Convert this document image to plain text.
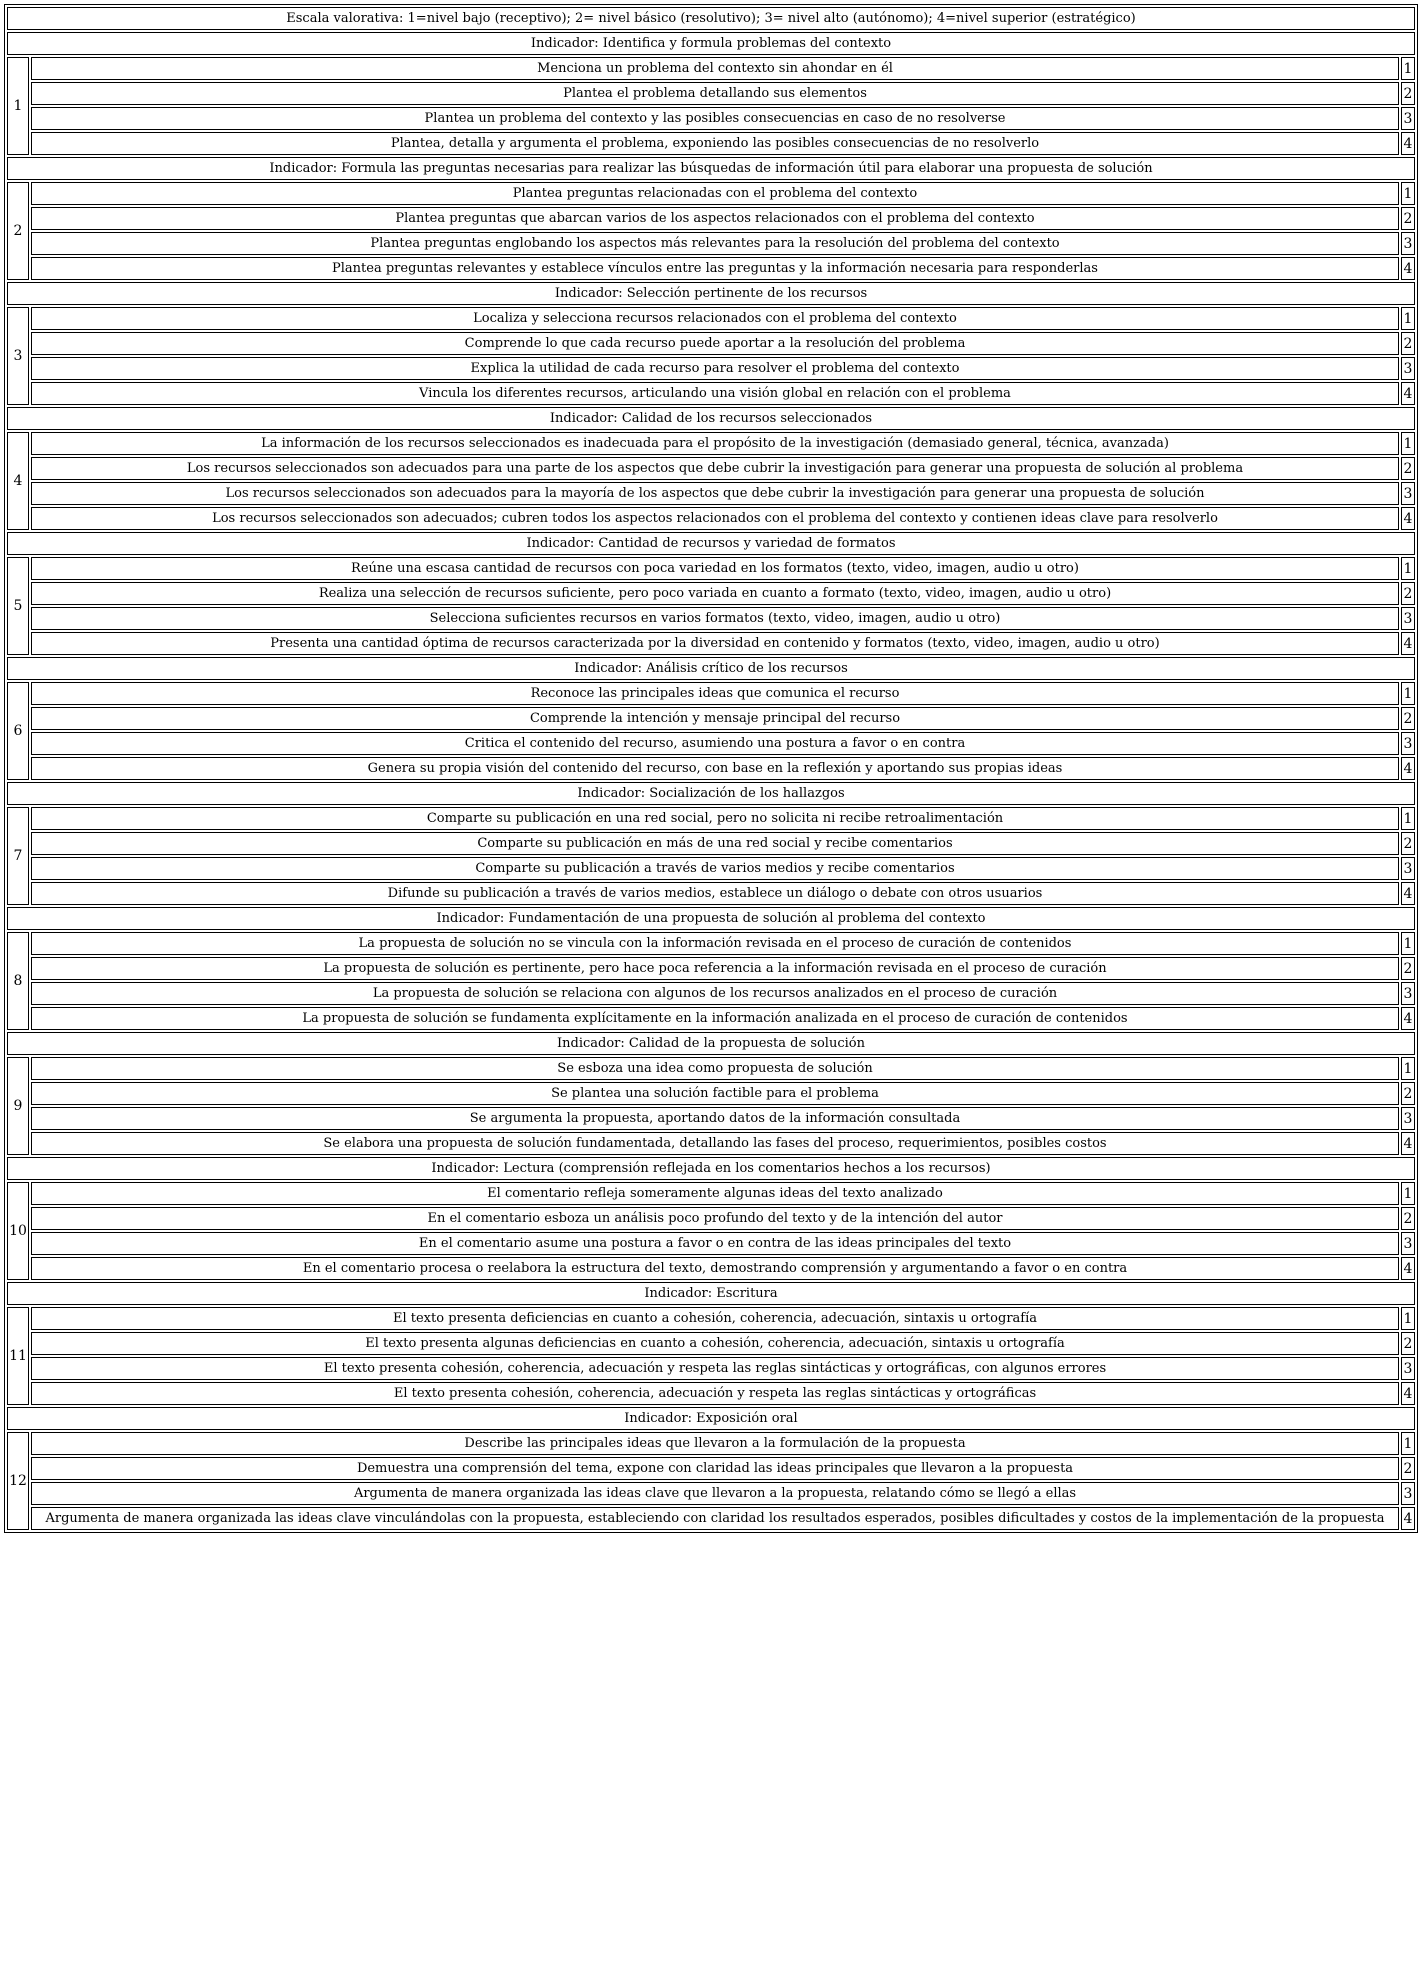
Escala valorativa: 1=nivel bajo (receptivo); 2= nivel básico (resolutivo); 3= nivel alto (autónomo); 4=nivel superior (estratégico)		
Indicador: Identifica y formula problemas del contexto		
1	Menciona un problema del contexto sin ahondar en él	1
	Plantea el problema detallando sus elementos	2
	Plantea un problema del contexto y las posibles consecuencias en caso de no resolverse	3
	Plantea, detalla y argumenta el problema, exponiendo las posibles consecuencias de no resolverlo	4
Indicador: Formula las preguntas necesarias para realizar las búsquedas de información útil para elaborar una propuesta de solución		
2	Plantea preguntas relacionadas con el problema del contexto	1
	Plantea preguntas que abarcan varios de los aspectos relacionados con el problema del contexto	2
	Plantea preguntas englobando los aspectos más relevantes para la resolución del problema del contexto	3
	Plantea preguntas relevantes y establece vínculos entre las preguntas y la información necesaria para responderlas	4
Indicador: Selección pertinente de los recursos		
3	Localiza y selecciona recursos relacionados con el problema del contexto	1
	Comprende lo que cada recurso puede aportar a la resolución del problema	2
	Explica la utilidad de cada recurso para resolver el problema del contexto	3
	Vincula los diferentes recursos, articulando una visión global en relación con el problema	4
Indicador: Calidad de los recursos seleccionados		
4	La información de los recursos seleccionados es inadecuada para el propósito de la investigación (demasiado general, técnica, avanzada)	1
	Los recursos seleccionados son adecuados para una parte de los aspectos que debe cubrir la investigación para generar una propuesta de solución al problema	2
	Los recursos seleccionados son adecuados para la mayoría de los aspectos que debe cubrir la investigación para generar una propuesta de solución	3
	Los recursos seleccionados son adecuados; cubren todos los aspectos relacionados con el problema del contexto y contienen ideas clave para resolverlo	4
Indicador: Cantidad de recursos y variedad de formatos		
5	Reúne una escasa cantidad de recursos con poca variedad en los formatos (texto, video, imagen, audio u otro)	1
	Realiza una selección de recursos suficiente, pero poco variada en cuanto a formato (texto, video, imagen, audio u otro)	2
	Selecciona suficientes recursos en varios formatos (texto, video, imagen, audio u otro)	3
	Presenta una cantidad óptima de recursos caracterizada por la diversidad en contenido y formatos (texto, video, imagen, audio u otro)	4
Indicador: Análisis crítico de los recursos		
6	Reconoce las principales ideas que comunica el recurso	1
	Comprende la intención y mensaje principal del recurso	2
	Critica el contenido del recurso, asumiendo una postura a favor o en contra	3
	Genera su propia visión del contenido del recurso, con base en la reflexión y aportando sus propias ideas	4
Indicador: Socialización de los hallazgos		
7	Comparte su publicación en una red social, pero no solicita ni recibe retroalimentación	1
	Comparte su publicación en más de una red social y recibe comentarios	2
	Comparte su publicación a través de varios medios y recibe comentarios	3
	Difunde su publicación a través de varios medios, establece un diálogo o debate con otros usuarios	4
Indicador: Fundamentación de una propuesta de solución al problema del contexto		
8	La propuesta de solución no se vincula con la información revisada en el proceso de curación de contenidos	1
	La propuesta de solución es pertinente, pero hace poca referencia a la información revisada en el proceso de curación	2
	La propuesta de solución se relaciona con algunos de los recursos analizados en el proceso de curación	3
	La propuesta de solución se fundamenta explícitamente en la información analizada en el proceso de curación de contenidos	4
Indicador: Calidad de la propuesta de solución		
9	Se esboza una idea como propuesta de solución	1
	Se plantea una solución factible para el problema	2
	Se argumenta la propuesta, aportando datos de la información consultada	3
	Se elabora una propuesta de solución fundamentada, detallando las fases del proceso, requerimientos, posibles costos	4
Indicador: Lectura (comprensión reflejada en los comentarios hechos a los recursos)		
10	El comentario refleja someramente algunas ideas del texto analizado	1
	En el comentario esboza un análisis poco profundo del texto y de la intención del autor	2
	En el comentario asume una postura a favor o en contra de las ideas principales del texto	3
	En el comentario procesa o reelabora la estructura del texto, demostrando comprensión y argumentando a favor o en contra	4
Indicador: Escritura		
11	El texto presenta deficiencias en cuanto a cohesión, coherencia, adecuación, sintaxis u ortografía	1
	El texto presenta algunas deficiencias en cuanto a cohesión, coherencia, adecuación, sintaxis u ortografía	2
	El texto presenta cohesión, coherencia, adecuación y respeta las reglas sintácticas y ortográficas, con algunos errores	3
	El texto presenta cohesión, coherencia, adecuación y respeta las reglas sintácticas y ortográficas	4
Indicador: Exposición oral		
12	Describe las principales ideas que llevaron a la formulación de la propuesta	1
	Demuestra una comprensión del tema, expone con claridad las ideas principales que llevaron a la propuesta	2
	Argumenta de manera organizada las ideas clave que llevaron a la propuesta, relatando cómo se llegó a ellas	3
	Argumenta de manera organizada las ideas clave vinculándolas con la propuesta, estableciendo con claridad los resultados esperados, posibles dificultades y costos de la implementación de la propuesta	4
